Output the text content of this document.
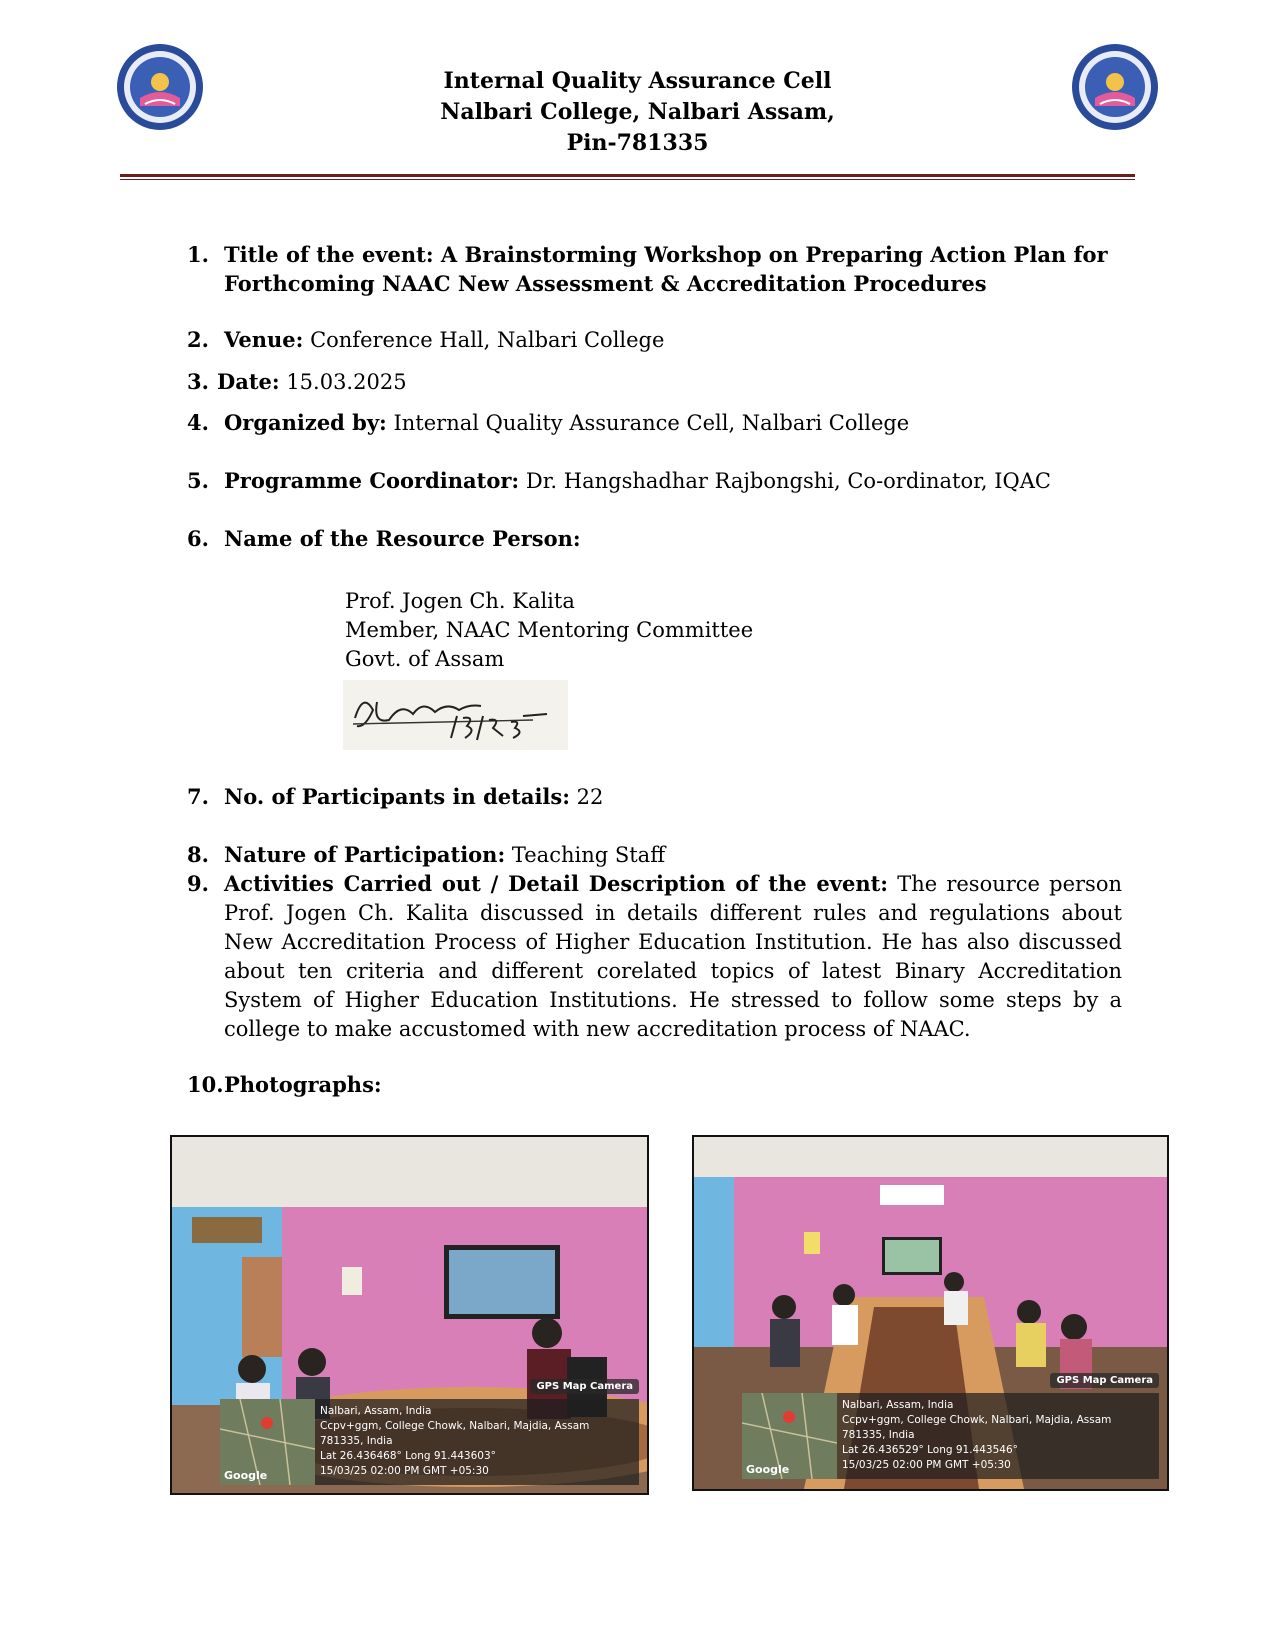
Internal Quality Assurance Cell
Nalbari College, Nalbari Assam,
Pin-781335
1. Title of the event: A Brainstorming Workshop on Preparing Action Plan for Forthcoming NAAC New Assessment & Accreditation Procedures
2. Venue: Conference Hall, Nalbari College
3. Date: 15.03.2025
4. Organized by: Internal Quality Assurance Cell, Nalbari College
5. Programme Coordinator: Dr. Hangshadhar Rajbongshi, Co-ordinator, IQAC
6. Name of the Resource Person:
Prof. Jogen Ch. Kalita
Member, NAAC Mentoring Committee
Govt. of Assam
7. No. of Participants in details: 22
8. Nature of Participation: Teaching Staff
9. Activities Carried out / Detail Description of the event: The resource person Prof. Jogen Ch. Kalita discussed in details different rules and regulations about New Accreditation Process of Higher Education Institution. He has also discussed about ten criteria and different corelated topics of latest Binary Accreditation System of Higher Education Institutions. He stressed to follow some steps by a college to make accustomed with new accreditation process of NAAC.
10. Photographs:
GPS Map Camera
Google
Nalbari, Assam, India
Ccpv+ggm, College Chowk, Nalbari, Majdia, Assam
781335, India
Lat 26.436468° Long 91.443603°
15/03/25 02:00 PM GMT +05:30
GPS Map Camera
Google
Nalbari, Assam, India
Ccpv+ggm, College Chowk, Nalbari, Majdia, Assam
781335, India
Lat 26.436529° Long 91.443546°
15/03/25 02:00 PM GMT +05:30
